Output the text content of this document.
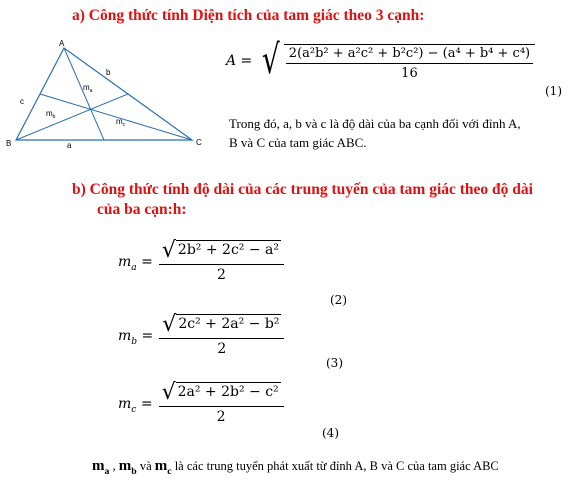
a) Công thức tính Diện tích của tam giác theo 3 cạnh:
A
B	C
a
b
c
$m_a$
$m_b$	$m_c$
A = √ $\frac{\text{2(a²b² + a²c² + b²c²) − (a⁴ + b⁴ + c⁴)}}{16}$
(1)
Trong đó, a, b và c là độ dài của ba cạnh đối với đỉnh A,
B và C của tam giác ABC.
b) Công thức tính độ dài của các trung tuyến của tam giác theo độ dài
của ba cạn:h:
$m_a = \frac{\text{√ 2b² + 2c² − a²}}{2}$
(2)
$m_b = \frac{\text{√ 2c² + 2a² − b²}}{2}$
(3)
$m_c = \frac{\text{√ 2a² + 2b² − c²}}{2}$
(4)
$m_a$ , $m_b$ và $m_c$ là các trung tuyến phát xuất từ đỉnh A, B và C của tam giác ABC
